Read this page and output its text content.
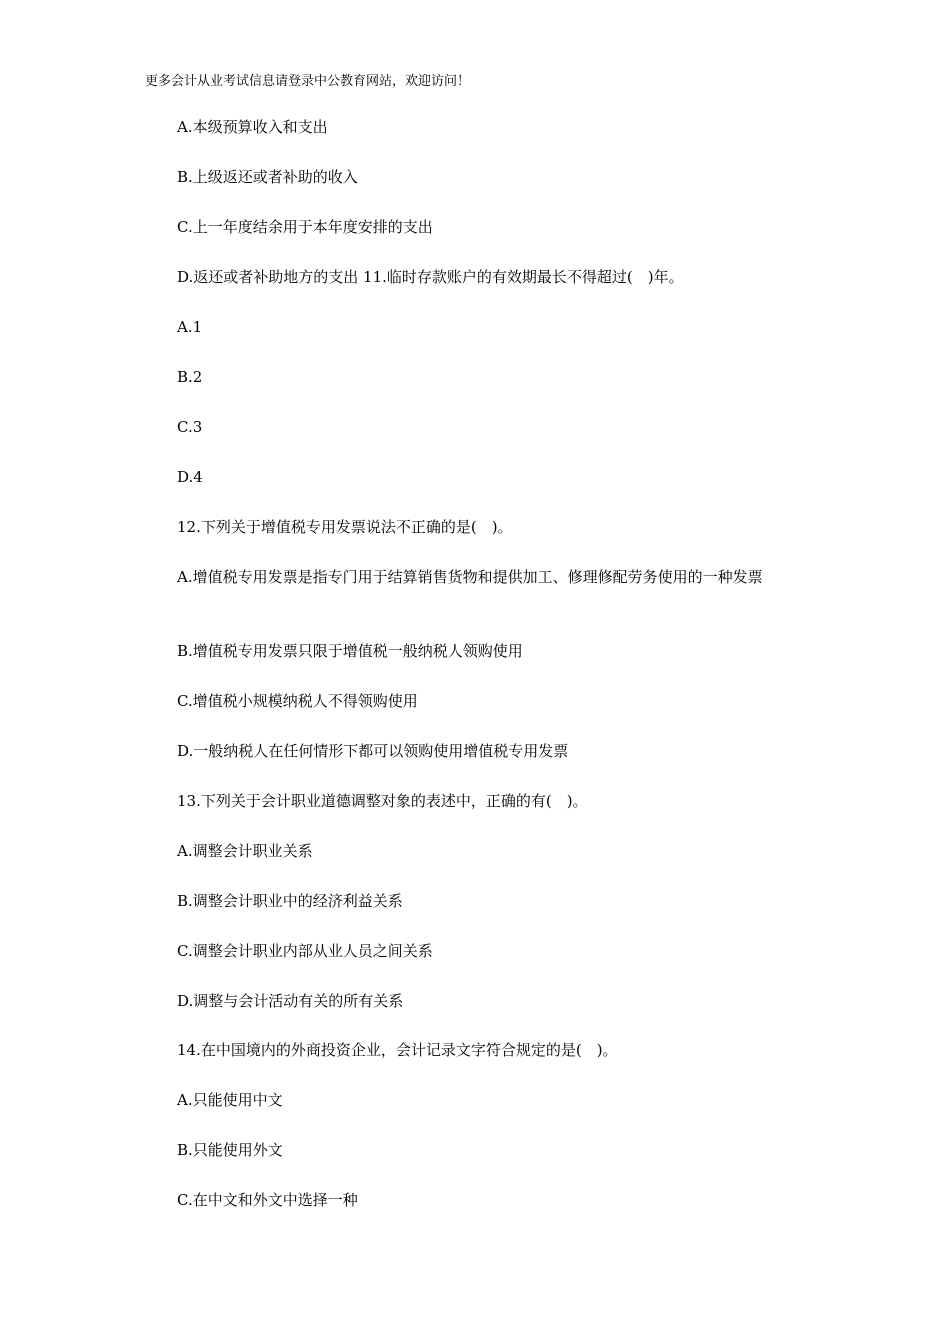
更多会计从业考试信息请登录中公教育网站，欢迎访问！
A.本级预算收入和支出
B.上级返还或者补助的收入
C.上一年度结余用于本年度安排的支出
D.返还或者补助地方的支出 11.临时存款账户的有效期最长不得超过(　)年。
A.1
B.2
C.3
D.4
12.下列关于增值税专用发票说法不正确的是(　)。
A.增值税专用发票是指专门用于结算销售货物和提供加工、修理修配劳务使用的一种发票
B.增值税专用发票只限于增值税一般纳税人领购使用
C.增值税小规模纳税人不得领购使用
D.一般纳税人在任何情形下都可以领购使用增值税专用发票
13.下列关于会计职业道德调整对象的表述中，正确的有(　)。
A.调整会计职业关系
B.调整会计职业中的经济利益关系
C.调整会计职业内部从业人员之间关系
D.调整与会计活动有关的所有关系
14.在中国境内的外商投资企业，会计记录文字符合规定的是(　)。
A.只能使用中文
B.只能使用外文
C.在中文和外文中选择一种
